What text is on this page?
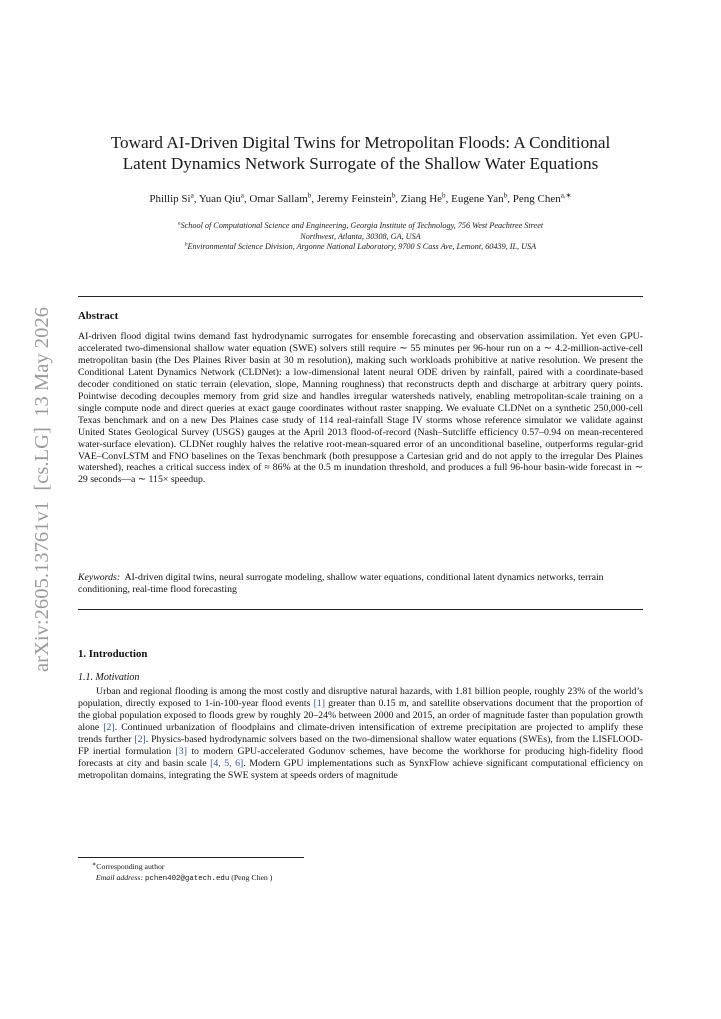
arXiv:2605.13761v1  [cs.LG]  13 May 2026
Toward AI-Driven Digital Twins for Metropolitan Floods: A Conditional
Latent Dynamics Network Surrogate of the Shallow Water Equations
Phillip Si$^a$, Yuan Qiu$^a$, Omar Sallam$^b$, Jeremy Feinstein$^b$, Ziang He$^b$, Eugene Yan$^b$, Peng Chen$^{a,∗}$
$^a$School of Computational Science and Engineering, Georgia Institute of Technology, 756 West Peachtree Street
Northwest, Atlanta, 30308, GA, USA
$^b$Environmental Science Division, Argonne National Laboratory, 9700 S Cass Ave, Lemont, 60439, IL, USA
Abstract
AI-driven flood digital twins demand fast hydrodynamic surrogates for ensemble forecasting and observation assimilation. Yet even GPU-accelerated two-dimensional shallow water equation (SWE) solvers still require ∼ 55 minutes per 96-hour run on a ∼ 4.2-million-active-cell metropolitan basin (the Des Plaines River basin at 30 m resolution), making such workloads prohibitive at native resolution. We present the Conditional Latent Dynamics Network (CLDNet): a low-dimensional latent neural ODE driven by rainfall, paired with a coordinate-based decoder conditioned on static terrain (elevation, slope, Manning roughness) that reconstructs depth and discharge at arbitrary query points. Pointwise decoding decouples memory from grid size and handles irregular watersheds natively, enabling metropolitan-scale training on a single compute node and direct queries at exact gauge coordinates without raster snapping. We evaluate CLDNet on a synthetic 250,000-cell Texas benchmark and on a new Des Plaines case study of 114 real-rainfall Stage IV storms whose reference simulator we validate against United States Geological Survey (USGS) gauges at the April 2013 flood-of-record (Nash–Sutcliffe efficiency 0.57–0.94 on mean-recentered water-surface elevation). CLDNet roughly halves the relative root-mean-squared error of an unconditional baseline, outperforms regular-grid VAE–ConvLSTM and FNO baselines on the Texas benchmark (both presuppose a Cartesian grid and do not apply to the irregular Des Plaines watershed), reaches a critical success index of ≈ 86% at the 0.5 m inundation threshold, and produces a full 96-hour basin-wide forecast in ∼ 29 seconds—a ∼ 115× speedup.
Keywords: AI-driven digital twins, neural surrogate modeling, shallow water equations, conditional latent dynamics networks, terrain conditioning, real-time flood forecasting
1. Introduction
1.1. Motivation
Urban and regional flooding is among the most costly and disruptive natural hazards, with 1.81 billion people, roughly 23% of the world’s population, directly exposed to 1-in-100-year flood events [1] greater than 0.15 m, and satellite observations document that the proportion of the global population exposed to floods grew by roughly 20–24% between 2000 and 2015, an order of magnitude faster than population growth alone [2]. Continued urbanization of floodplains and climate-driven intensification of extreme precipitation are projected to amplify these trends further [2]. Physics-based hydrodynamic solvers based on the two-dimensional shallow water equations (SWEs), from the LISFLOOD-FP inertial formulation [3] to modern GPU-accelerated Godunov schemes, have become the workhorse for producing high-fidelity flood forecasts at city and basin scale [4, 5, 6]. Modern GPU implementations such as SynxFlow achieve significant computational efficiency on metropolitan domains, integrating the SWE system at speeds orders of magnitude
∗Corresponding author
Email address: pchen402@gatech.edu (Peng Chen )
